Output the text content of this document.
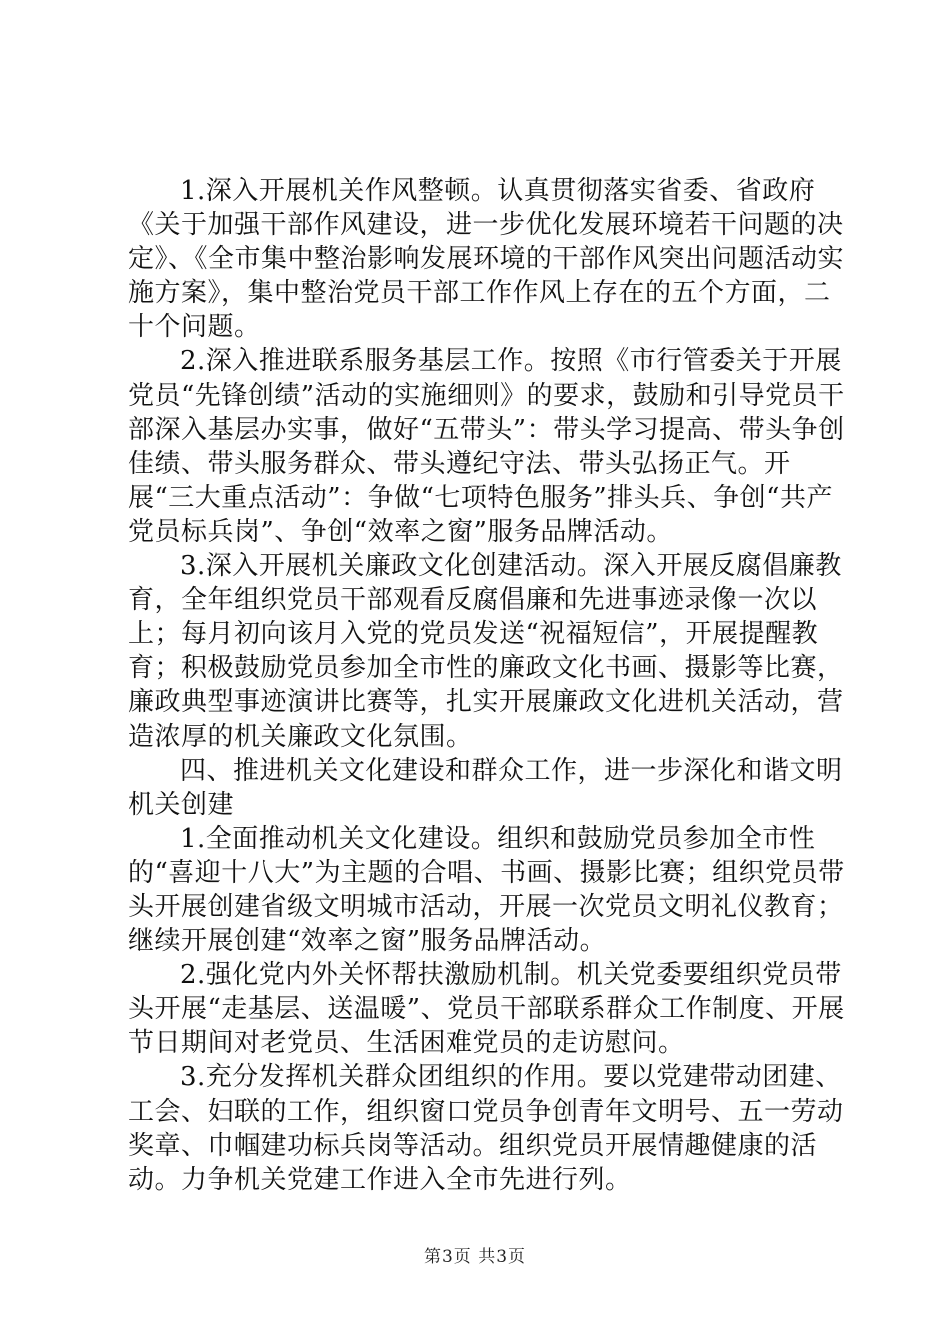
1.深入开展机关作风整顿。认真贯彻落实省委、省政府《关于加强干部作风建设，进一步优化发展环境若干问题的决定》、《全市集中整治影响发展环境的干部作风突出问题活动实施方案》，集中整治党员干部工作作风上存在的五个方面，二十个问题。

2.深入推进联系服务基层工作。按照《市行管委关于开展党员“先锋创绩”活动的实施细则》的要求，鼓励和引导党员干部深入基层办实事，做好“五带头”：带头学习提高、带头争创佳绩、带头服务群众、带头遵纪守法、带头弘扬正气。开展“三大重点活动”：争做“七项特色服务”排头兵、争创“共产党员标兵岗”、争创“效率之窗”服务品牌活动。

3.深入开展机关廉政文化创建活动。深入开展反腐倡廉教育，全年组织党员干部观看反腐倡廉和先进事迹录像一次以上；每月初向该月入党的党员发送“祝福短信”，开展提醒教育；积极鼓励党员参加全市性的廉政文化书画、摄影等比赛，廉政典型事迹演讲比赛等，扎实开展廉政文化进机关活动，营造浓厚的机关廉政文化氛围。

四、推进机关文化建设和群众工作，进一步深化和谐文明机关创建

1.全面推动机关文化建设。组织和鼓励党员参加全市性的“喜迎十八大”为主题的合唱、书画、摄影比赛；组织党员带头开展创建省级文明城市活动，开展一次党员文明礼仪教育；继续开展创建“效率之窗”服务品牌活动。

2.强化党内外关怀帮扶激励机制。机关党委要组织党员带头开展“走基层、送温暖”、党员干部联系群众工作制度、开展节日期间对老党员、生活困难党员的走访慰问。

3.充分发挥机关群众团组织的作用。要以党建带动团建、工会、妇联的工作，组织窗口党员争创青年文明号、五一劳动奖章、巾帼建功标兵岗等活动。组织党员开展情趣健康的活动。力争机关党建工作进入全市先进行列。

第3页 共3页
